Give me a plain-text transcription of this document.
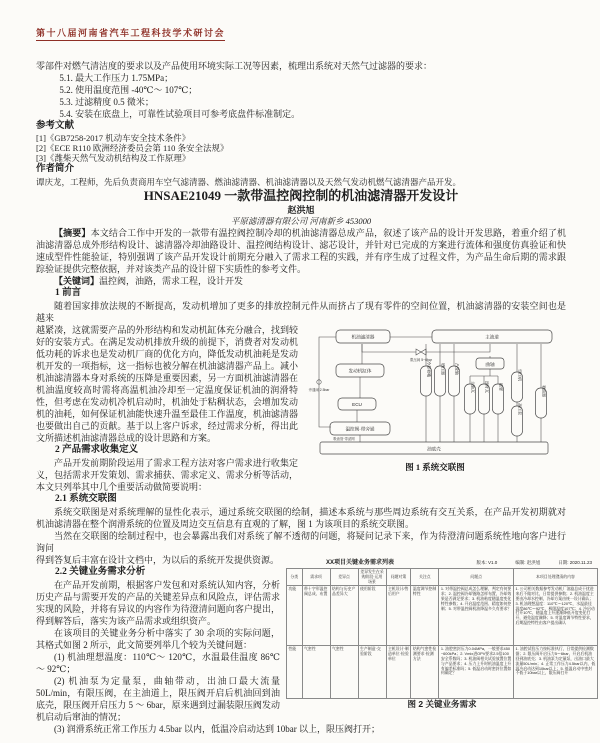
第十八届河南省汽车工程科技学术研讨会

零部件对燃气清洁度的要求以及产品使用环境实际工况等因素，梳理出系统对天然气过滤器的要求：

5.1. 最大工作压力 1.75MPa；
5.2. 使用温度范围 -40℃～ 107℃；
5.3. 过滤精度 0.5 微米；
5.4. 安装在底盘上，可靠性试验项目可参考底盘件标准制定。
参考文献
[1]《GB7258-2017 机动车安全技术条件》
[2]《ECE R110 欧洲经济委员会第 110 条安全法规》
[3]《潍柴天然气发动机结构及工作原理》
作者简介
谭庆龙，工程师，先后负责商用车空气滤清器、燃油滤清器、机油滤清器以及天然气发动机燃气滤清器产品开发。

HNSAE21049 一款带温控阀控制的机油滤清器开发设计

赵洪旭
平原滤清器有限公司 河南新乡 453000

【摘要】本文结合工作中开发的一款带有温控阀控制冷却的机油滤清器总成产品，叙述了该产品的设计开发思路，着重介绍了机油滤清器总成外形结构设计、滤清器冷却油路设计、温控阀结构设计、滤芯设计，并针对已完成的方案进行流体和强度仿真验证和快速成型件性能验证，特别强调了该产品开发设计前期充分融入了需求工程的实践，并有序生成了过程文件，为产品生命后期的需求跟踪验证提供完整依据，并对该类产品的设计留下实质性的参考文件。

【关键词】温控阀，油路，需求工程，设计开发

1 前言

随着国家排放法规的不断提高，发动机增加了更多的排放控制元件从而挤占了现有零件的空间位置，机油滤清器的安装空间也是越来

机油滤清器	主油道
发动机缸体
ECU
温控阀·带旁通
油底壳
曲轴
限压阀 5~6bar
旁通阀 2.5bar
吸油管·带滤网
冷却喷嘴 增压器 凸轮轴
主轴瓦 连杆瓦 摇臂
空压机
高压泵
喷油器
图 1 系统交联图

越紧凑，这就需要产品的外形结构和发动机缸体充分融合，找到较好的安装方式。在满足发动机排放升级的前提下，消费者对发动机低功耗的诉求也是发动机厂商的优化方向，降低发动机油耗是发动机开发的一项指标，这一指标也被分解在机油滤清器产品上。减小机油滤清器本身对系统的压降是重要因素，另一方面机油滤清器在机油温度较高时需将高温机油冷却至一定温度保证机油的润滑特性，但考虑在发动机冷机启动时，机油处于粘稠状态，会增加发动机的油耗，如何保证机油能快速升温至最佳工作温度，机油滤清器也要做出自己的贡献。基于以上客户诉求，经过需求分析，得出此文所描述机油滤清器总成的设计思路和方案。

2 产品需求收集定义

产品开发前期阶段运用了需求工程方法对客户需求进行收集定义，包括需求开发策划、需求捕获、需求定义、需求分析等活动，本文只列举其中几个重要活动做简要说明：

2.1 系统交联图

系统交联图是对系统理解的显性化表示，通过系统交联图的绘制，描述本系统与那些周边系统有交互关系，在产品开发初期就对机油滤清器在整个润滑系统的位置及周边交互信息有直观的了解，图 1 为该项目的系统交联图。

当然在交联图的绘制过程中，也会暴露出我们对系统了解不透彻的问题，将疑问记录下来，作为待澄清问题系统性地向客户进行询问

XX项目关键业务需求列表	版本: V1.0	编制: 赵洪旭	日期: 2020.11.23
分类	需求项	差异点	差异发生在采购阶段·运用场景	问题对策	关注点	问题点	本项目处理澄清的内容
功能	带十字形温控阀总成、布置	结构与历史产品差异大	使用阶段	主机设计/售后用户	温度调节控制特性	1. 对带温控阀总成怎么理解，判定有何要求；2. 温控阀冷却链路怎样布置，冷却效果是否满足要求；3. 机油粘度随温度变化特性参数；4. 开启温度范围、精度如何控制；5. 对带温控阀机油降温多久有要求？	1. 公司相关数据参考发动机厂油滤总成干扰进来后不做对比，日常提供参数；2. 机油温度主要由冷却水控制，冷却方案由统一设计确认；3. 机油理想温度：110℃～120℃，水温最佳温度86℃～92℃，极限温度107℃；4. 冷启动打开10℃，随温度上升逐渐降低开度变化打开，避免温度骤降；5. 对温度调节特性要求，后期温控特性由客户提出确认
性能	气密性	气密性	生产制造·交验阶段	主机设计·制造单位·检验单位	结构气密性检测要求·检测方法	1. 油腔密封压力0.04MPa，一般要求450~600kPa；2. Vmix进OPV要求2.5倍100安全系数吗；3. 机油阀相关试验放置位置与产品要求；4. 压力上升时机油温度上升有偏差标准吗；5. 低温启动时密封位置如何确定？	1. 油腔试验压力按标准执行，日常提供检测数据；2. 限压阀开启压力5～6bar，开启后机油回到油底壳；3. 机油泵为定量泵，出油口最大流量50L/min；4. 正常工作压力4.5bar以内，低温冷启动达到10bar以上；5. 低温启动中密封不低于10bar以上，限压阀打开
图 2 关键业务需求

得到答复后丰富在设计文档中，为以后的系统开发提供资源。

2.2 关键业务需求分析

在产品开发前期，根据客户发包和对系统认知内容，分析历史产品与需要开发的产品的关键差异点和风险点，评估需求实现的风险，并将有异议的内容作为待澄清问题向客户提出，得到解答后，落实为该产品需求或组织资产。

在该项目的关键业务分析中落实了 30 余项的实际问题，其格式如图 2 所示，此文简要列举几个较为关键问题：

(1) 机油理想温度：110℃～ 120℃，水温最佳温度 86℃～ 92℃；

(2) 机油泵为定量泵，曲轴带动，出油口最大流量 50L/min，有限压阀，在主油道上，限压阀开启后机油回到油底壳，限压阀开启压力 5 ～ 6bar，原来遇到过漏装限压阀发动机启动后窜油的情况；

(3) 润滑系统正常工作压力 4.5bar 以内，低温冷启动达到 10bar 以上，限压阀打开；
